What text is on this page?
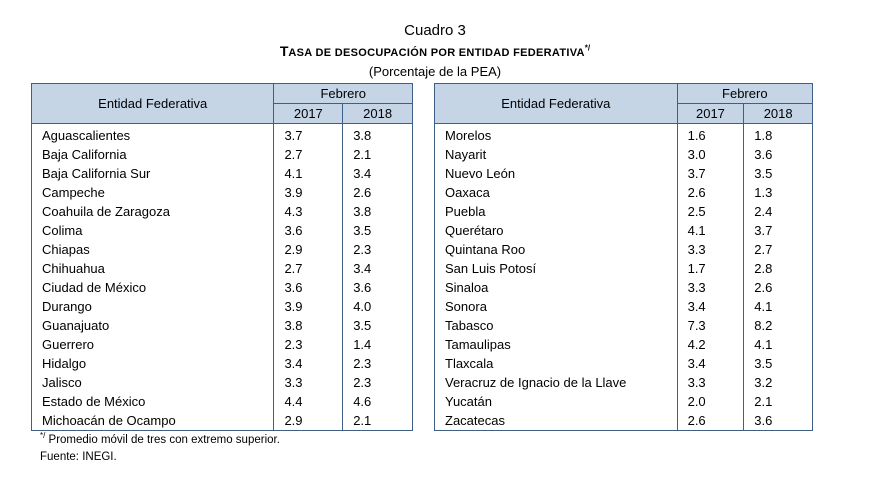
Cuadro 3
TASA DE DESOCUPACIÓN POR ENTIDAD FEDERATIVA*/
(Porcentaje de la PEA)
Entidad Federativa	Febrero	
	2017	2018
Aguascalientes	3.7	3.8
Baja California	2.7	2.1
Baja California Sur	4.1	3.4
Campeche	3.9	2.6
Coahuila de Zaragoza	4.3	3.8
Colima	3.6	3.5
Chiapas	2.9	2.3
Chihuahua	2.7	3.4
Ciudad de México	3.6	3.6
Durango	3.9	4.0
Guanajuato	3.8	3.5
Guerrero	2.3	1.4
Hidalgo	3.4	2.3
Jalisco	3.3	2.3
Estado de México	4.4	4.6
Michoacán de Ocampo	2.9	2.1
Entidad Federativa	Febrero	
	2017	2018
Morelos	1.6	1.8
Nayarit	3.0	3.6
Nuevo León	3.7	3.5
Oaxaca	2.6	1.3
Puebla	2.5	2.4
Querétaro	4.1	3.7
Quintana Roo	3.3	2.7
San Luis Potosí	1.7	2.8
Sinaloa	3.3	2.6
Sonora	3.4	4.1
Tabasco	7.3	8.2
Tamaulipas	4.2	4.1
Tlaxcala	3.4	3.5
Veracruz de Ignacio de la Llave	3.3	3.2
Yucatán	2.0	2.1
Zacatecas	2.6	3.6
*/ Promedio móvil de tres con extremo superior.
Fuente: INEGI.
